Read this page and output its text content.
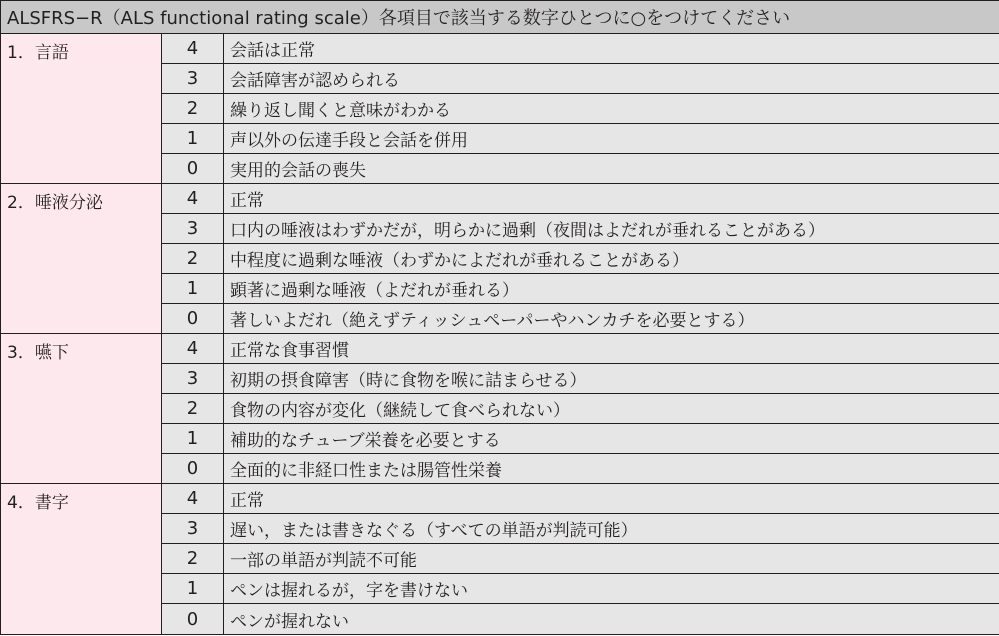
ALSFRS−R（ALS functional rating scale）各項目で該当する数字ひとつに○をつけてください		
1．言語	4	会話は正常
	3	会話障害が認められる
	2	繰り返し聞くと意味がわかる
	1	声以外の伝達手段と会話を併用
	0	実用的会話の喪失
2．唾液分泌	4	正常
	3	口内の唾液はわずかだが，明らかに過剰（夜間はよだれが垂れることがある）
	2	中程度に過剰な唾液（わずかによだれが垂れることがある）
	1	顕著に過剰な唾液（よだれが垂れる）
	0	著しいよだれ（絶えずティッシュペーパーやハンカチを必要とする）
3．嚥下	4	正常な食事習慣
	3	初期の摂食障害（時に食物を喉に詰まらせる）
	2	食物の内容が変化（継続して食べられない）
	1	補助的なチューブ栄養を必要とする
	0	全面的に非経口性または腸管性栄養
4．書字	4	正常
	3	遅い，または書きなぐる（すべての単語が判読可能）
	2	一部の単語が判読不可能
	1	ペンは握れるが，字を書けない
	0	ペンが握れない
